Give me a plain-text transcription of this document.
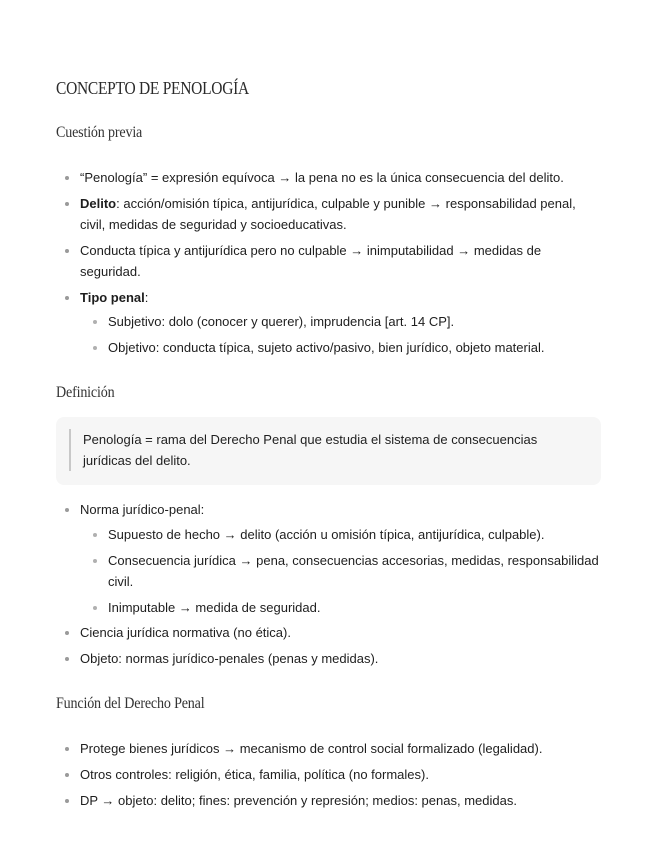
CONCEPTO DE PENOLOGÍA
Cuestión previa
“Penología” = expresión equívoca → la pena no es la única consecuencia del delito.
Delito: acción/omisión típica, antijurídica, culpable y punible → responsabilidad penal, civil, medidas de seguridad y socioeducativas.
Conducta típica y antijurídica pero no culpable → inimputabilidad → medidas de seguridad.
Tipo penal:
Subjetivo: dolo (conocer y querer), imprudencia [art. 14 CP].
Objetivo: conducta típica, sujeto activo/pasivo, bien jurídico, objeto material.
Definición
Penología = rama del Derecho Penal que estudia el sistema de consecuencias jurídicas del delito.
Norma jurídico-penal:
Supuesto de hecho → delito (acción u omisión típica, antijurídica, culpable).
Consecuencia jurídica → pena, consecuencias accesorias, medidas, responsabilidad civil.
Inimputable → medida de seguridad.
Ciencia jurídica normativa (no ética).
Objeto: normas jurídico-penales (penas y medidas).
Función del Derecho Penal
Protege bienes jurídicos → mecanismo de control social formalizado (legalidad).
Otros controles: religión, ética, familia, política (no formales).
DP → objeto: delito; fines: prevención y represión; medios: penas, medidas.
